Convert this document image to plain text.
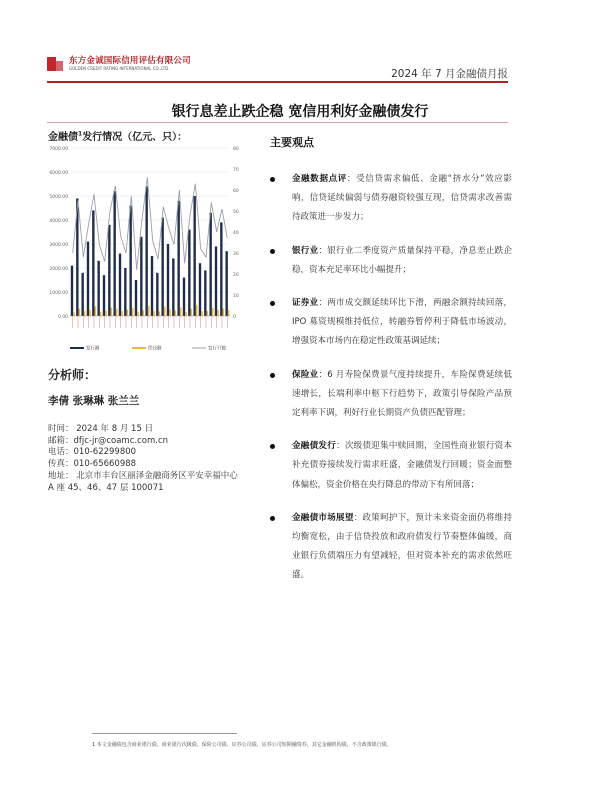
东方金诚国际信用评估有限公司
GOLDEN CREDIT RATING INTERNATIONAL CO.,LTD.	2024 年 7 月金融债月报
银行息差止跌企稳 宽信用利好金融债发行
金融债$^1$发行情况（亿元、只）：
7000.00
6000.00
5000.00
4000.00
3000.00
2000.00
1000.00
0.00
80
70
60
50
40
30
20
10
0
发行额	偿还额	发行只数
分析师：
李倩 张琳琳 张兰兰
时间： 2024 年 8 月 15 日
邮箱：dfjc-jr@coamc.com.cn
电话：010-62299800
传真：010-65660988
地址： 北京市丰台区丽泽金融商务区平安幸福中心
A 座 45、46、47 层 100071
主要观点
金融数据点评：受信贷需求偏低、金融“挤水分”效应影响，信贷延续偏弱与债券融资较强互现，信贷需求改善需待政策进一步发力；
银行业：银行业二季度资产质量保持平稳，净息差止跌企稳，资本充足率环比小幅提升；
证券业：两市成交额延续环比下滑，两融余额持续回落，IPO 募资规模维持低位，转融券暂停利于降低市场波动，增强资本市场内在稳定性政策基调延续；
保险业：6 月寿险保费景气度持续提升，车险保费延续低速增长，长端利率中枢下行趋势下，政策引导保险产品预定利率下调，利好行业长期资产负债匹配管理；
金融债发行：次级债迎集中赎回期，全国性商业银行资本补充债券接续发行需求旺盛，金融债发行回暖；资金面整体偏松，资金价格在央行降息的带动下有所回落；
金融债市场展望：政策呵护下，预计未来资金面仍将维持均衡宽松，由于信贷投放和政府债发行节奏整体偏缓，商业银行负债端压力有望减轻，但对资本补充的需求依然旺盛。
1 本文金融债包含商业银行债、商业银行次级债、保险公司债、证券公司债、证券公司短期融资券、其它金融机构债，不含政策银行债。
